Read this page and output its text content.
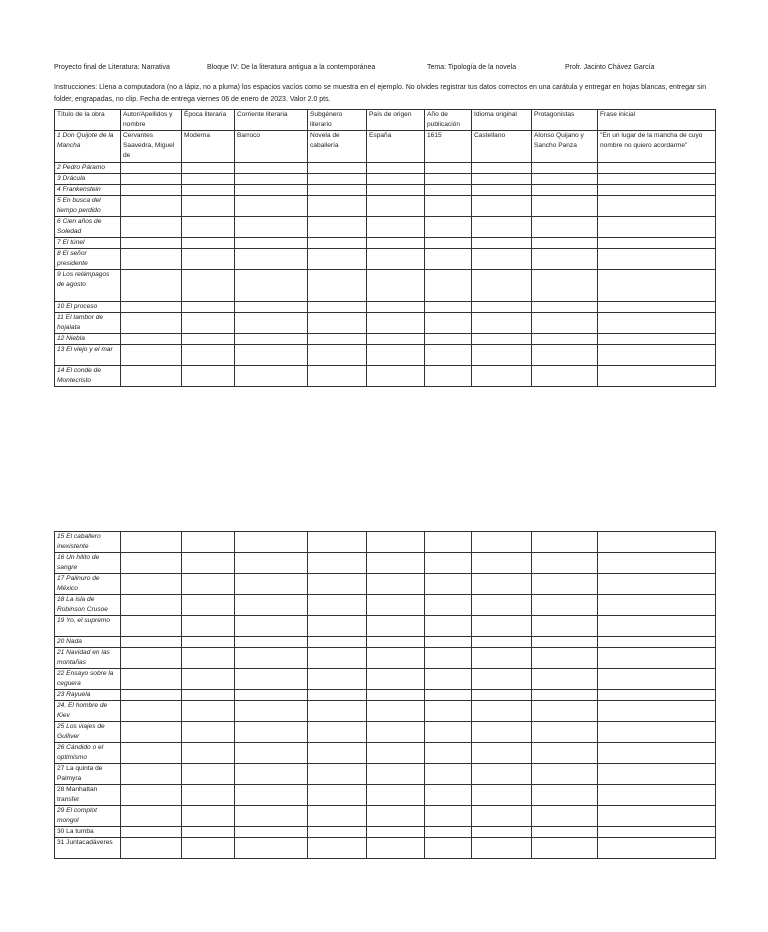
Proyecto final de Literatura: Narrativa	Bloque IV: De la literatura antigua a la contemporánea	Tema: Tipología de la novela	Profr. Jacinto Chávez García
Instrucciones: Llena a computadora (no a lápiz, no a pluma) los espacios vacíos como se muestra en el ejemplo. No olvides registrar tus datos correctos en una carátula y entregar en hojas blancas, entregar sin folder, engrapadas, no clip. Fecha de entrega viernes 06 de enero de 2023. Valor 2.0 pts.
Título de la obra	Autor/Apellidos y nombre	Época literaria	Corriente literaria	Subgénero literario	País de origen	Año de publicación	Idioma original	Protagonistas	Frase inicial
1 Don Quijote de la Mancha	Cervantes Saavedra, Miguel de	Moderna	Barroco	Novela de caballería	España	1615	Castellano	Alonso Quijano y Sancho Panza	"En un lugar de la mancha de cuyo nombre no quiero acordarme"
2 Pedro Páramo									
3 Drácula									
4 Frankenstein									
5 En busca del tiempo perdido									
6 Cien años de Soledad									
7 El túnel									
8 El señor presidente									
9 Los relámpagos de agosto									
10 El proceso									
11 El tambor de hojalata									
12 Niebla									
13 El viejo y el mar									
14 El conde de Montecristo									
15 El caballero inexistente									
16 Un hilito de sangre									
17 Palinuro de México									
18 La isla de Robinson Crusoe									
19 Yo, el supremo									
20 Nada									
21 Navidad en las montañas									
22 Ensayo sobre la ceguera									
23 Rayuela									
24. El hombre de Kiev									
25 Los viajes de Gulliver									
26 Cándido o el optimismo									
27 La quinta de Palmyra									
28 Manhattan transfer									
29 El complot mongol									
30 La tumba									
31 Juntacadáveres									
